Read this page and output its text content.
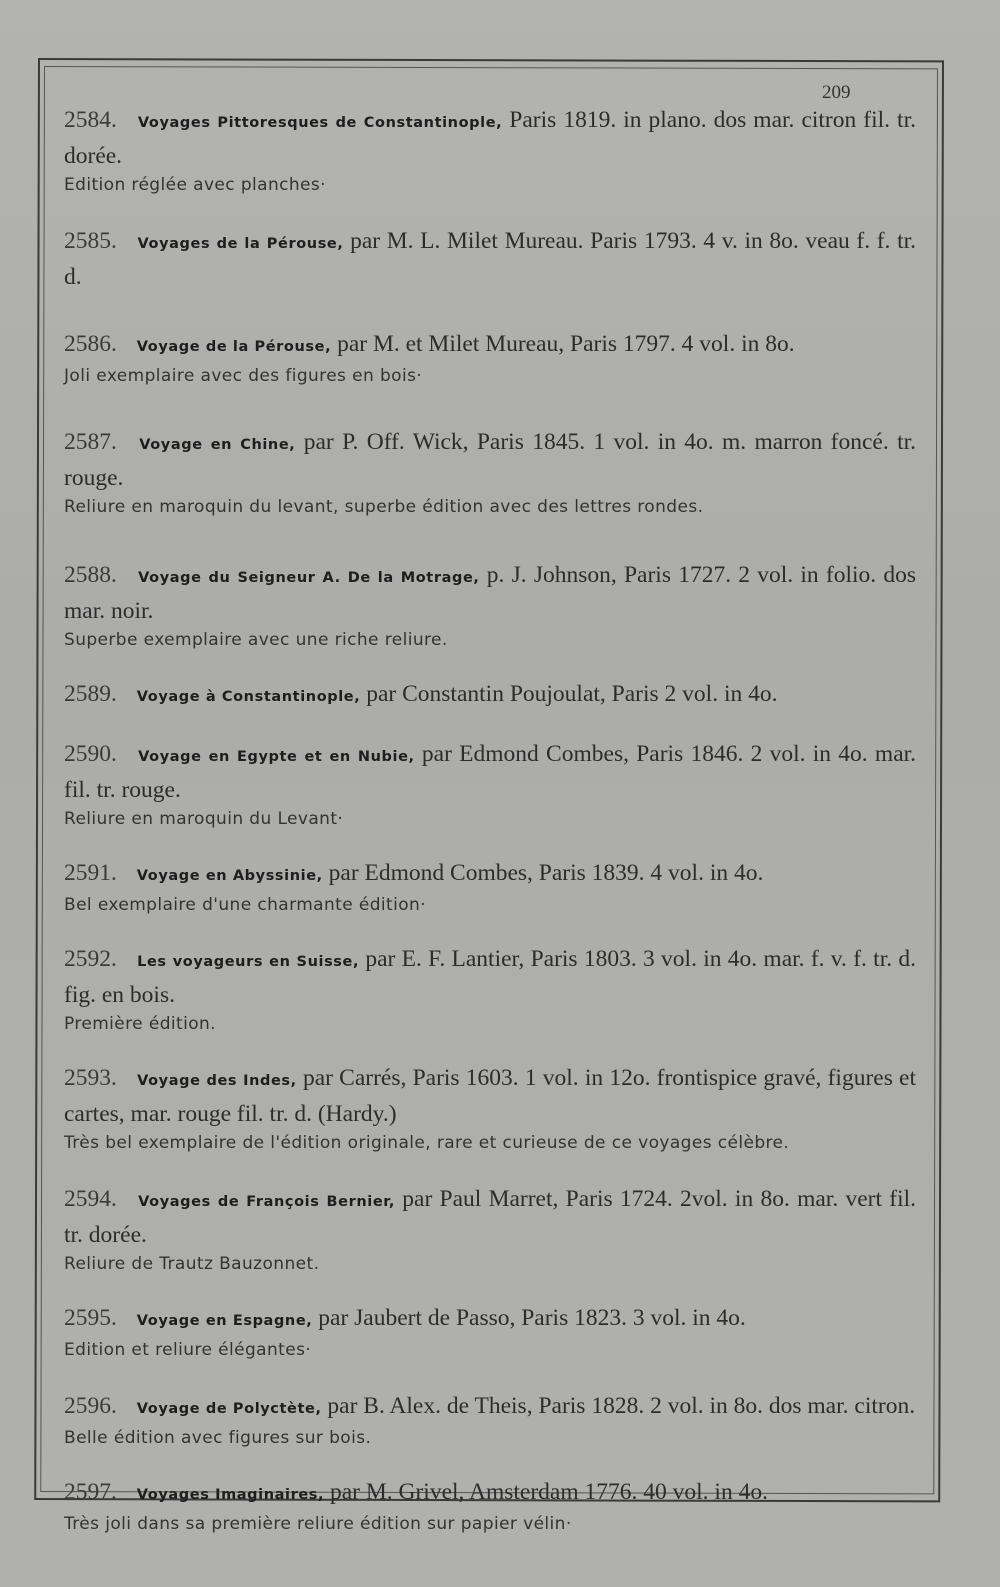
209
2584. Voyages Pittoresques de Constantinople, Paris 1819. in plano. dos mar. citron fil. tr. dorée.
Edition réglée avec planches·
2585. Voyages de la Pérouse, par M. L. Milet Mureau. Paris 1793. 4 v. in 8o. veau f. f. tr. d.
2586. Voyage de la Pérouse, par M. et Milet Mureau, Paris 1797. 4 vol. in 8o.
Joli exemplaire avec des figures en bois·
2587. Voyage en Chine, par P. Off. Wick, Paris 1845. 1 vol. in 4o. m. marron foncé. tr. rouge.
Reliure en maroquin du levant, superbe édition avec des lettres rondes.
2588. Voyage du Seigneur A. De la Motrage, p. J. Johnson, Paris 1727. 2 vol. in folio. dos mar. noir.
Superbe exemplaire avec une riche reliure.
2589. Voyage à Constantinople, par Constantin Poujoulat, Paris 2 vol. in 4o.
2590. Voyage en Egypte et en Nubie, par Edmond Combes, Paris 1846. 2 vol. in 4o. mar. fil. tr. rouge.
Reliure en maroquin du Levant·
2591. Voyage en Abyssinie, par Edmond Combes, Paris 1839. 4 vol. in 4o.
Bel exemplaire d'une charmante édition·
2592. Les voyageurs en Suisse, par E. F. Lantier, Paris 1803. 3 vol. in 4o. mar. f. v. f. tr. d. fig. en bois.
Première édition.
2593. Voyage des Indes, par Carrés, Paris 1603. 1 vol. in 12o. frontispice gravé, figures et cartes, mar. rouge fil. tr. d. (Hardy.)
Très bel exemplaire de l'édition originale, rare et curieuse de ce voyages célèbre.
2594. Voyages de François Bernier, par Paul Marret, Paris 1724. 2vol. in 8o. mar. vert fil. tr. dorée.
Reliure de Trautz Bauzonnet.
2595. Voyage en Espagne, par Jaubert de Passo, Paris 1823. 3 vol. in 4o.
Edition et reliure élégantes·
2596. Voyage de Polyctète, par B. Alex. de Theis, Paris 1828. 2 vol. in 8o. dos mar. citron.
Belle édition avec figures sur bois.
2597. Voyages Imaginaires, par M. Grivel, Amsterdam 1776. 40 vol. in 4o.
Très joli dans sa première reliure édition sur papier vélin·
